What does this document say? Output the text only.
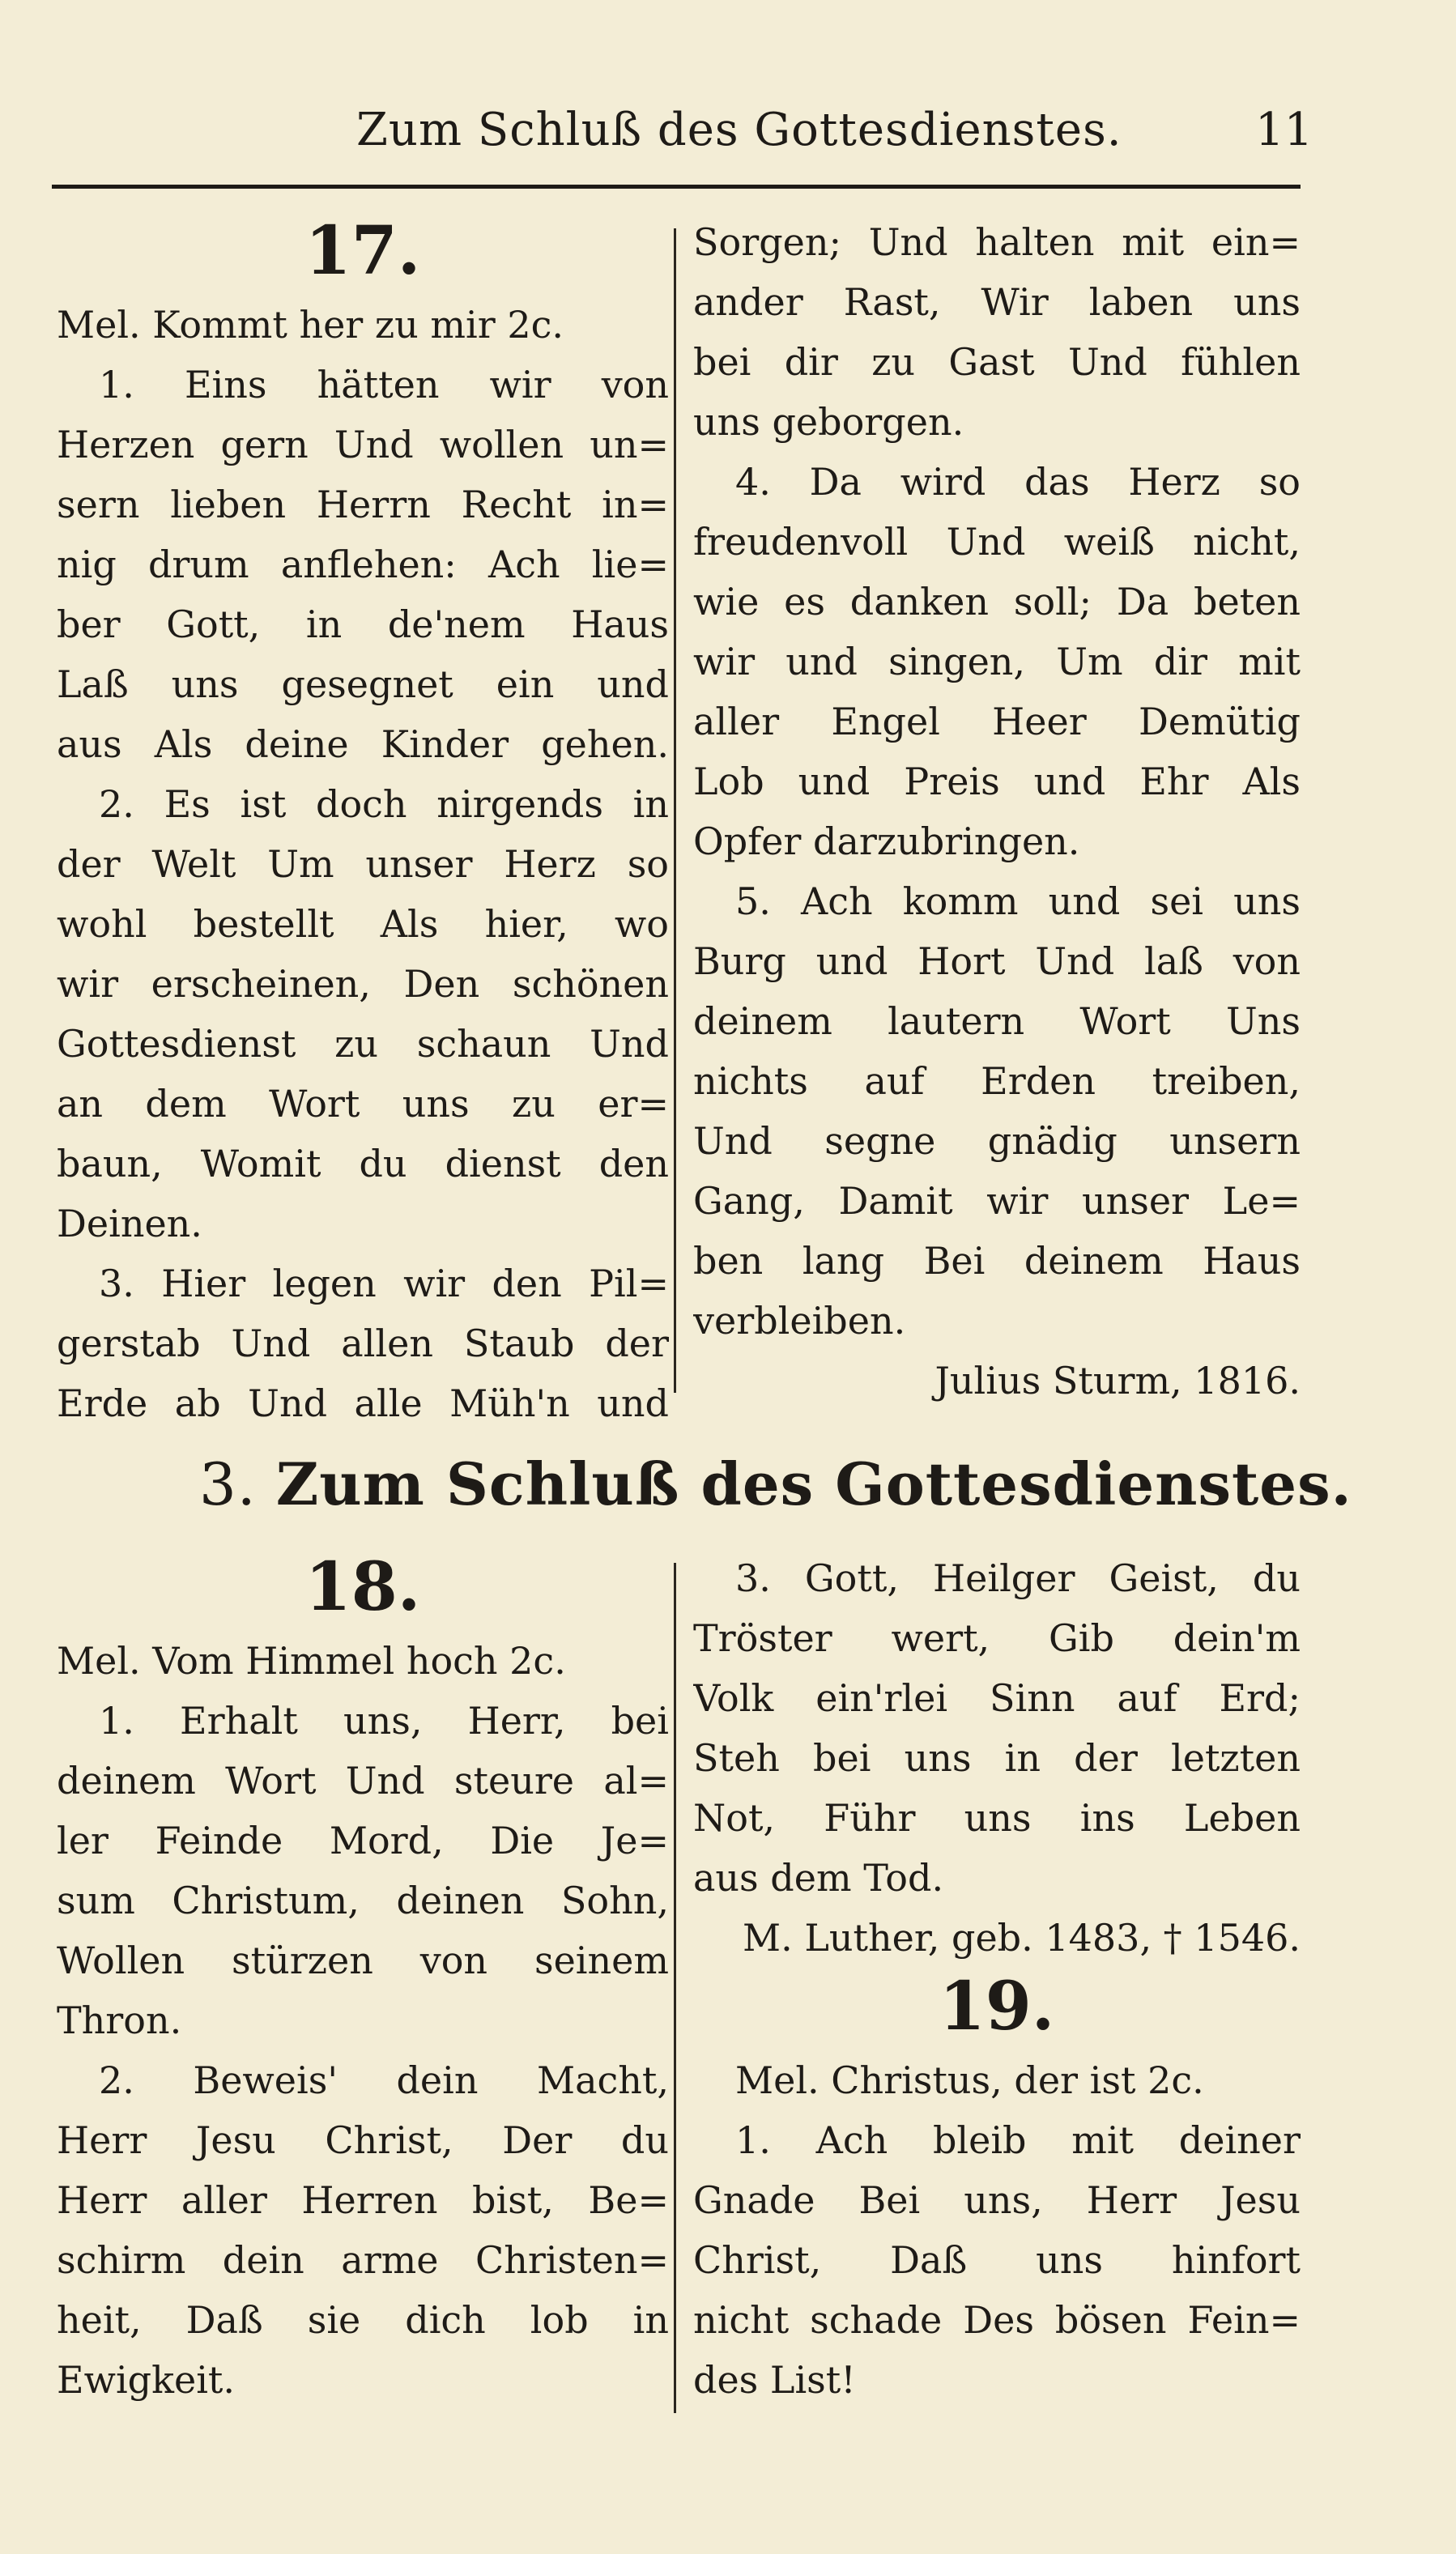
Zum Schluß des Gottesdienstes.	11
17.
Mel. Kommt her zu mir 2c.
1. Eins hätten wir von
Herzen gern Und wollen un=
sern lieben Herrn Recht in=
nig drum anflehen: Ach lie=
ber Gott, in de'nem Haus
Laß uns gesegnet ein und
aus Als deine Kinder gehen.
2. Es ist doch nirgends in
der Welt Um unser Herz so
wohl bestellt Als hier, wo
wir erscheinen, Den schönen
Gottesdienst zu schaun Und
an dem Wort uns zu er=
baun, Womit du dienst den
Deinen.
3. Hier legen wir den Pil=
gerstab Und allen Staub der
Erde ab Und alle Müh'n und
Sorgen; Und halten mit ein=
ander Rast, Wir laben uns
bei dir zu Gast Und fühlen
uns geborgen.
4. Da wird das Herz so
freudenvoll Und weiß nicht,
wie es danken soll; Da beten
wir und singen, Um dir mit
aller Engel Heer Demütig
Lob und Preis und Ehr Als
Opfer darzubringen.
5. Ach komm und sei uns
Burg und Hort Und laß von
deinem lautern Wort Uns
nichts auf Erden treiben,
Und segne gnädig unsern
Gang, Damit wir unser Le=
ben lang Bei deinem Haus
verbleiben.
Julius Sturm, 1816.
3. Zum Schluß des Gottesdienstes.
18.
Mel. Vom Himmel hoch 2c.
1. Erhalt uns, Herr, bei
deinem Wort Und steure al=
ler Feinde Mord, Die Je=
sum Christum, deinen Sohn,
Wollen stürzen von seinem
Thron.
2. Beweis' dein Macht,
Herr Jesu Christ, Der du
Herr aller Herren bist, Be=
schirm dein arme Christen=
heit, Daß sie dich lob in
Ewigkeit.
3. Gott, Heilger Geist, du
Tröster wert, Gib dein'm
Volk ein'rlei Sinn auf Erd;
Steh bei uns in der letzten
Not, Führ uns ins Leben
aus dem Tod.
M. Luther, geb. 1483, † 1546.
19.
Mel. Christus, der ist 2c.
1. Ach bleib mit deiner
Gnade Bei uns, Herr Jesu
Christ, Daß uns hinfort
nicht schade Des bösen Fein=
des List!
